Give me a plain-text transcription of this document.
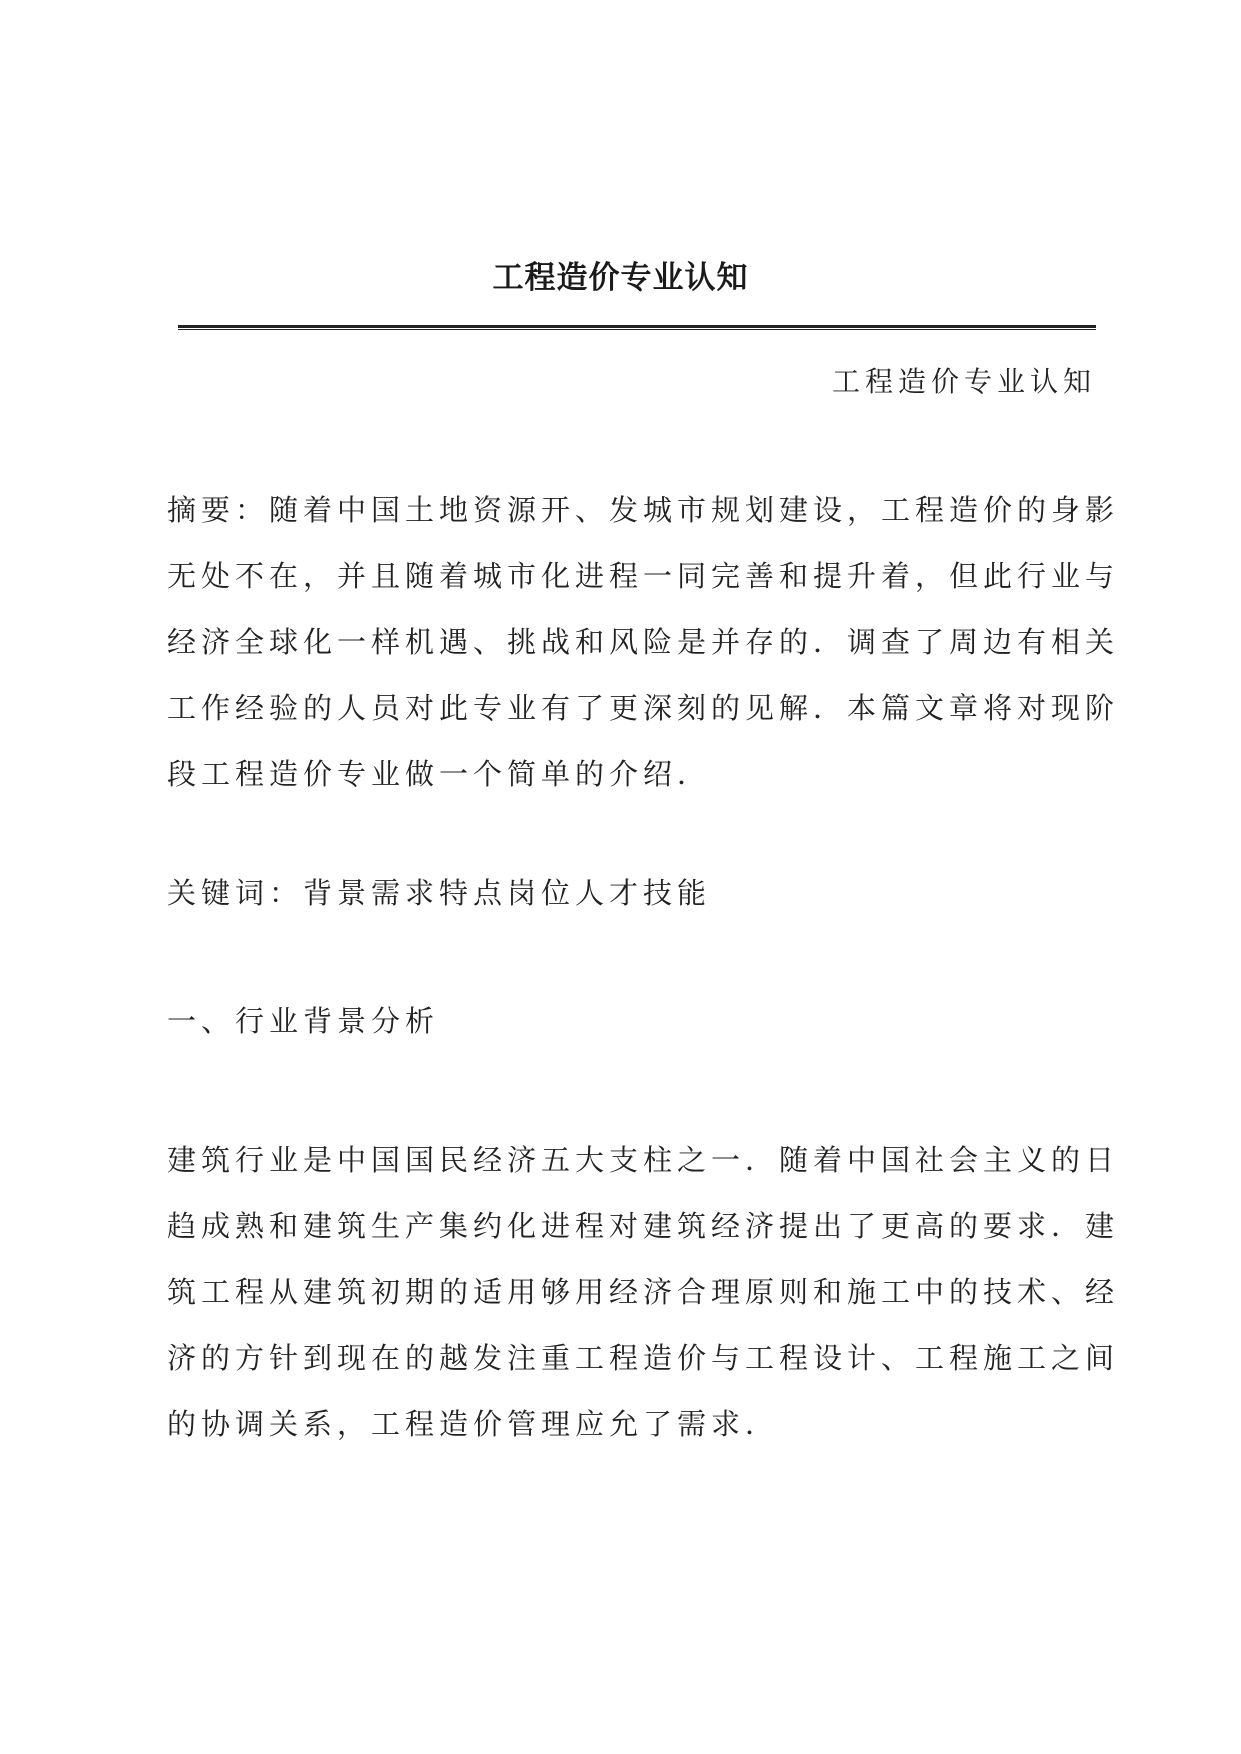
工程造价专业认知
工程造价专业认知

摘要：随着中国土地资源开、发城市规划建设，工程造价的身影
无处不在，并且随着城市化进程一同完善和提升着，但此行业与
经济全球化一样机遇、挑战和风险是并存的．调查了周边有相关
工作经验的人员对此专业有了更深刻的见解．本篇文章将对现阶
段工程造价专业做一个简单的介绍．

关键词：背景需求特点岗位人才技能

一、行业背景分析

建筑行业是中国国民经济五大支柱之一．随着中国社会主义的日
趋成熟和建筑生产集约化进程对建筑经济提出了更高的要求．建
筑工程从建筑初期的适用够用经济合理原则和施工中的技术、经
济的方针到现在的越发注重工程造价与工程设计、工程施工之间
的协调关系，工程造价管理应允了需求．
